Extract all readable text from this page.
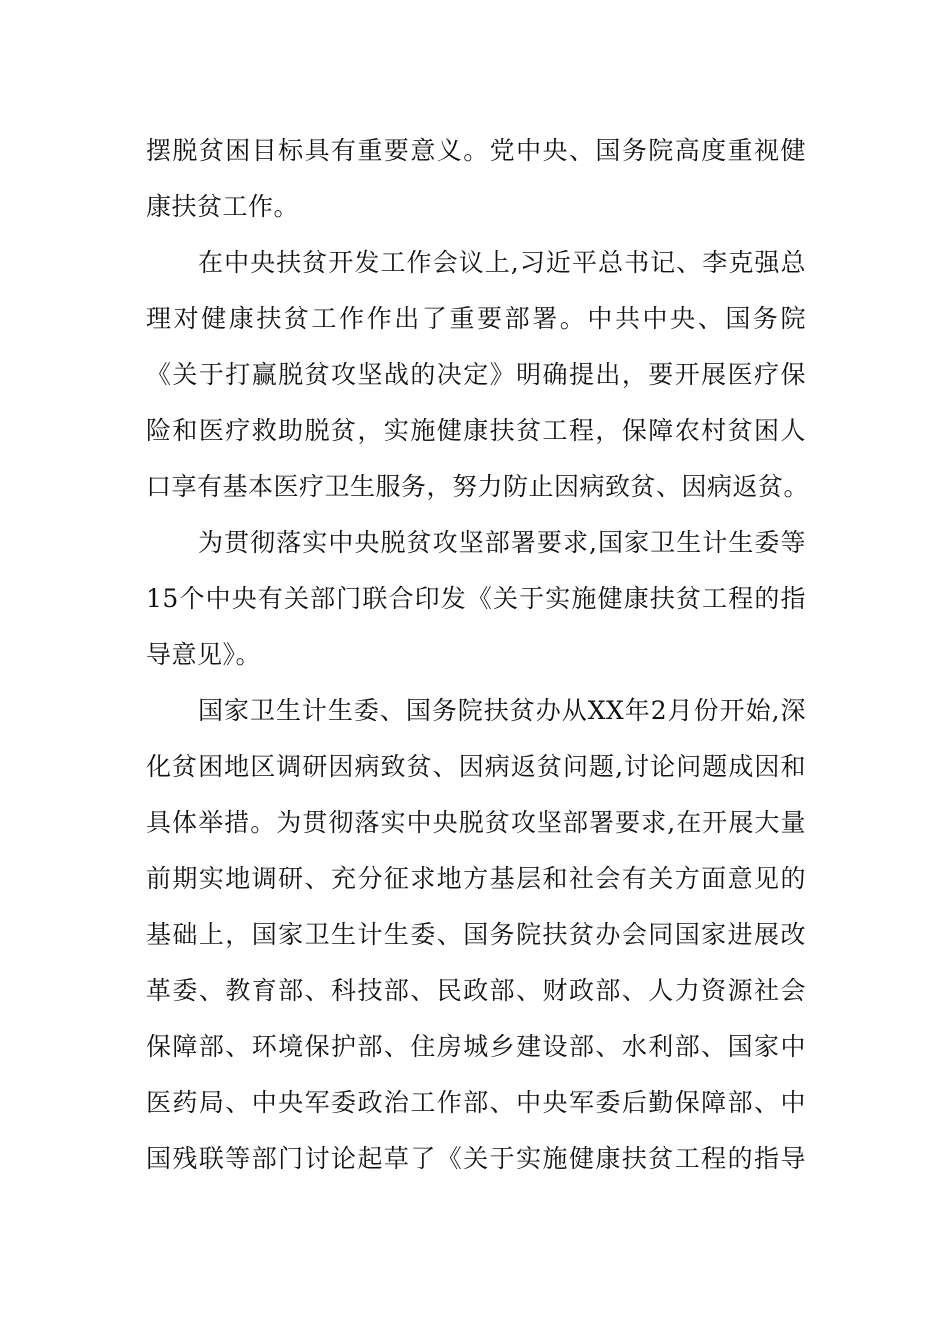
摆脱贫困目标具有重要意义。党中央、国务院高度重视健
康扶贫工作。
在中央扶贫开发工作会议上,习近平总书记、李克强总
理对健康扶贫工作作出了重要部署。中共中央、国务院
《关于打赢脱贫攻坚战的决定》明确提出，要开展医疗保
险和医疗救助脱贫，实施健康扶贫工程，保障农村贫困人
口享有基本医疗卫生服务，努力防止因病致贫、因病返贫。
为贯彻落实中央脱贫攻坚部署要求,国家卫生计生委等
15个中央有关部门联合印发《关于实施健康扶贫工程的指
导意见》。
国家卫生计生委、国务院扶贫办从XX年2月份开始,深
化贫困地区调研因病致贫、因病返贫问题,讨论问题成因和
具体举措。为贯彻落实中央脱贫攻坚部署要求,在开展大量
前期实地调研、充分征求地方基层和社会有关方面意见的
基础上，国家卫生计生委、国务院扶贫办会同国家进展改
革委、教育部、科技部、民政部、财政部、人力资源社会
保障部、环境保护部、住房城乡建设部、水利部、国家中
医药局、中央军委政治工作部、中央军委后勤保障部、中
国残联等部门讨论起草了《关于实施健康扶贫工程的指导
